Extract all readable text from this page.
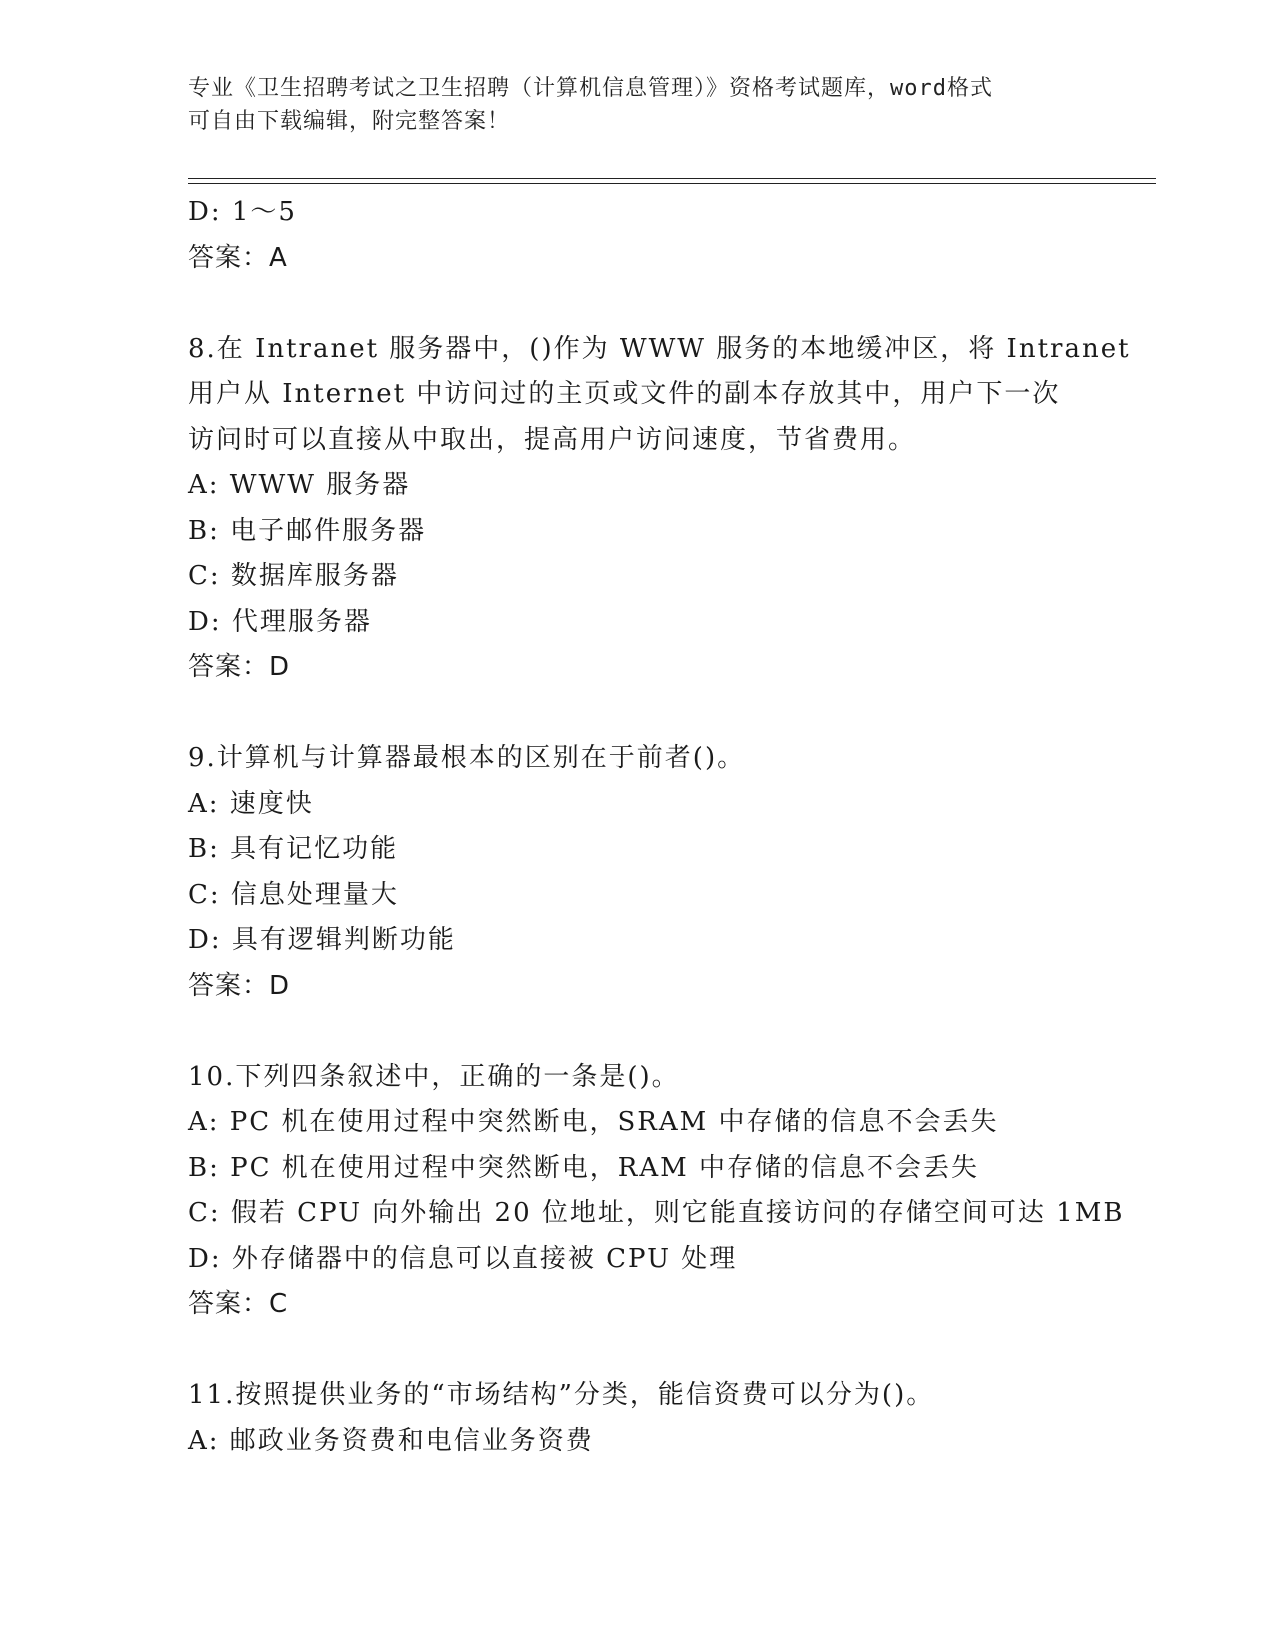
专业《卫生招聘考试之卫生招聘（计算机信息管理）》资格考试题库，word格式
可自由下载编辑，附完整答案！
D: 1～5
答案：A
8.在 Intranet 服务器中，()作为 WWW 服务的本地缓冲区，将 Intranet
用户从 Internet 中访问过的主页或文件的副本存放其中，用户下一次
访问时可以直接从中取出，提高用户访问速度，节省费用。
A: WWW 服务器
B: 电子邮件服务器
C: 数据库服务器
D: 代理服务器
答案：D
9.计算机与计算器最根本的区别在于前者()。
A: 速度快
B: 具有记忆功能
C: 信息处理量大
D: 具有逻辑判断功能
答案：D
10.下列四条叙述中，正确的一条是()。
A: PC 机在使用过程中突然断电，SRAM 中存储的信息不会丢失
B: PC 机在使用过程中突然断电，RAM 中存储的信息不会丢失
C: 假若 CPU 向外输出 20 位地址，则它能直接访问的存储空间可达 1MB
D: 外存储器中的信息可以直接被 CPU 处理
答案：C
11.按照提供业务的“市场结构”分类，能信资费可以分为()。
A: 邮政业务资费和电信业务资费
